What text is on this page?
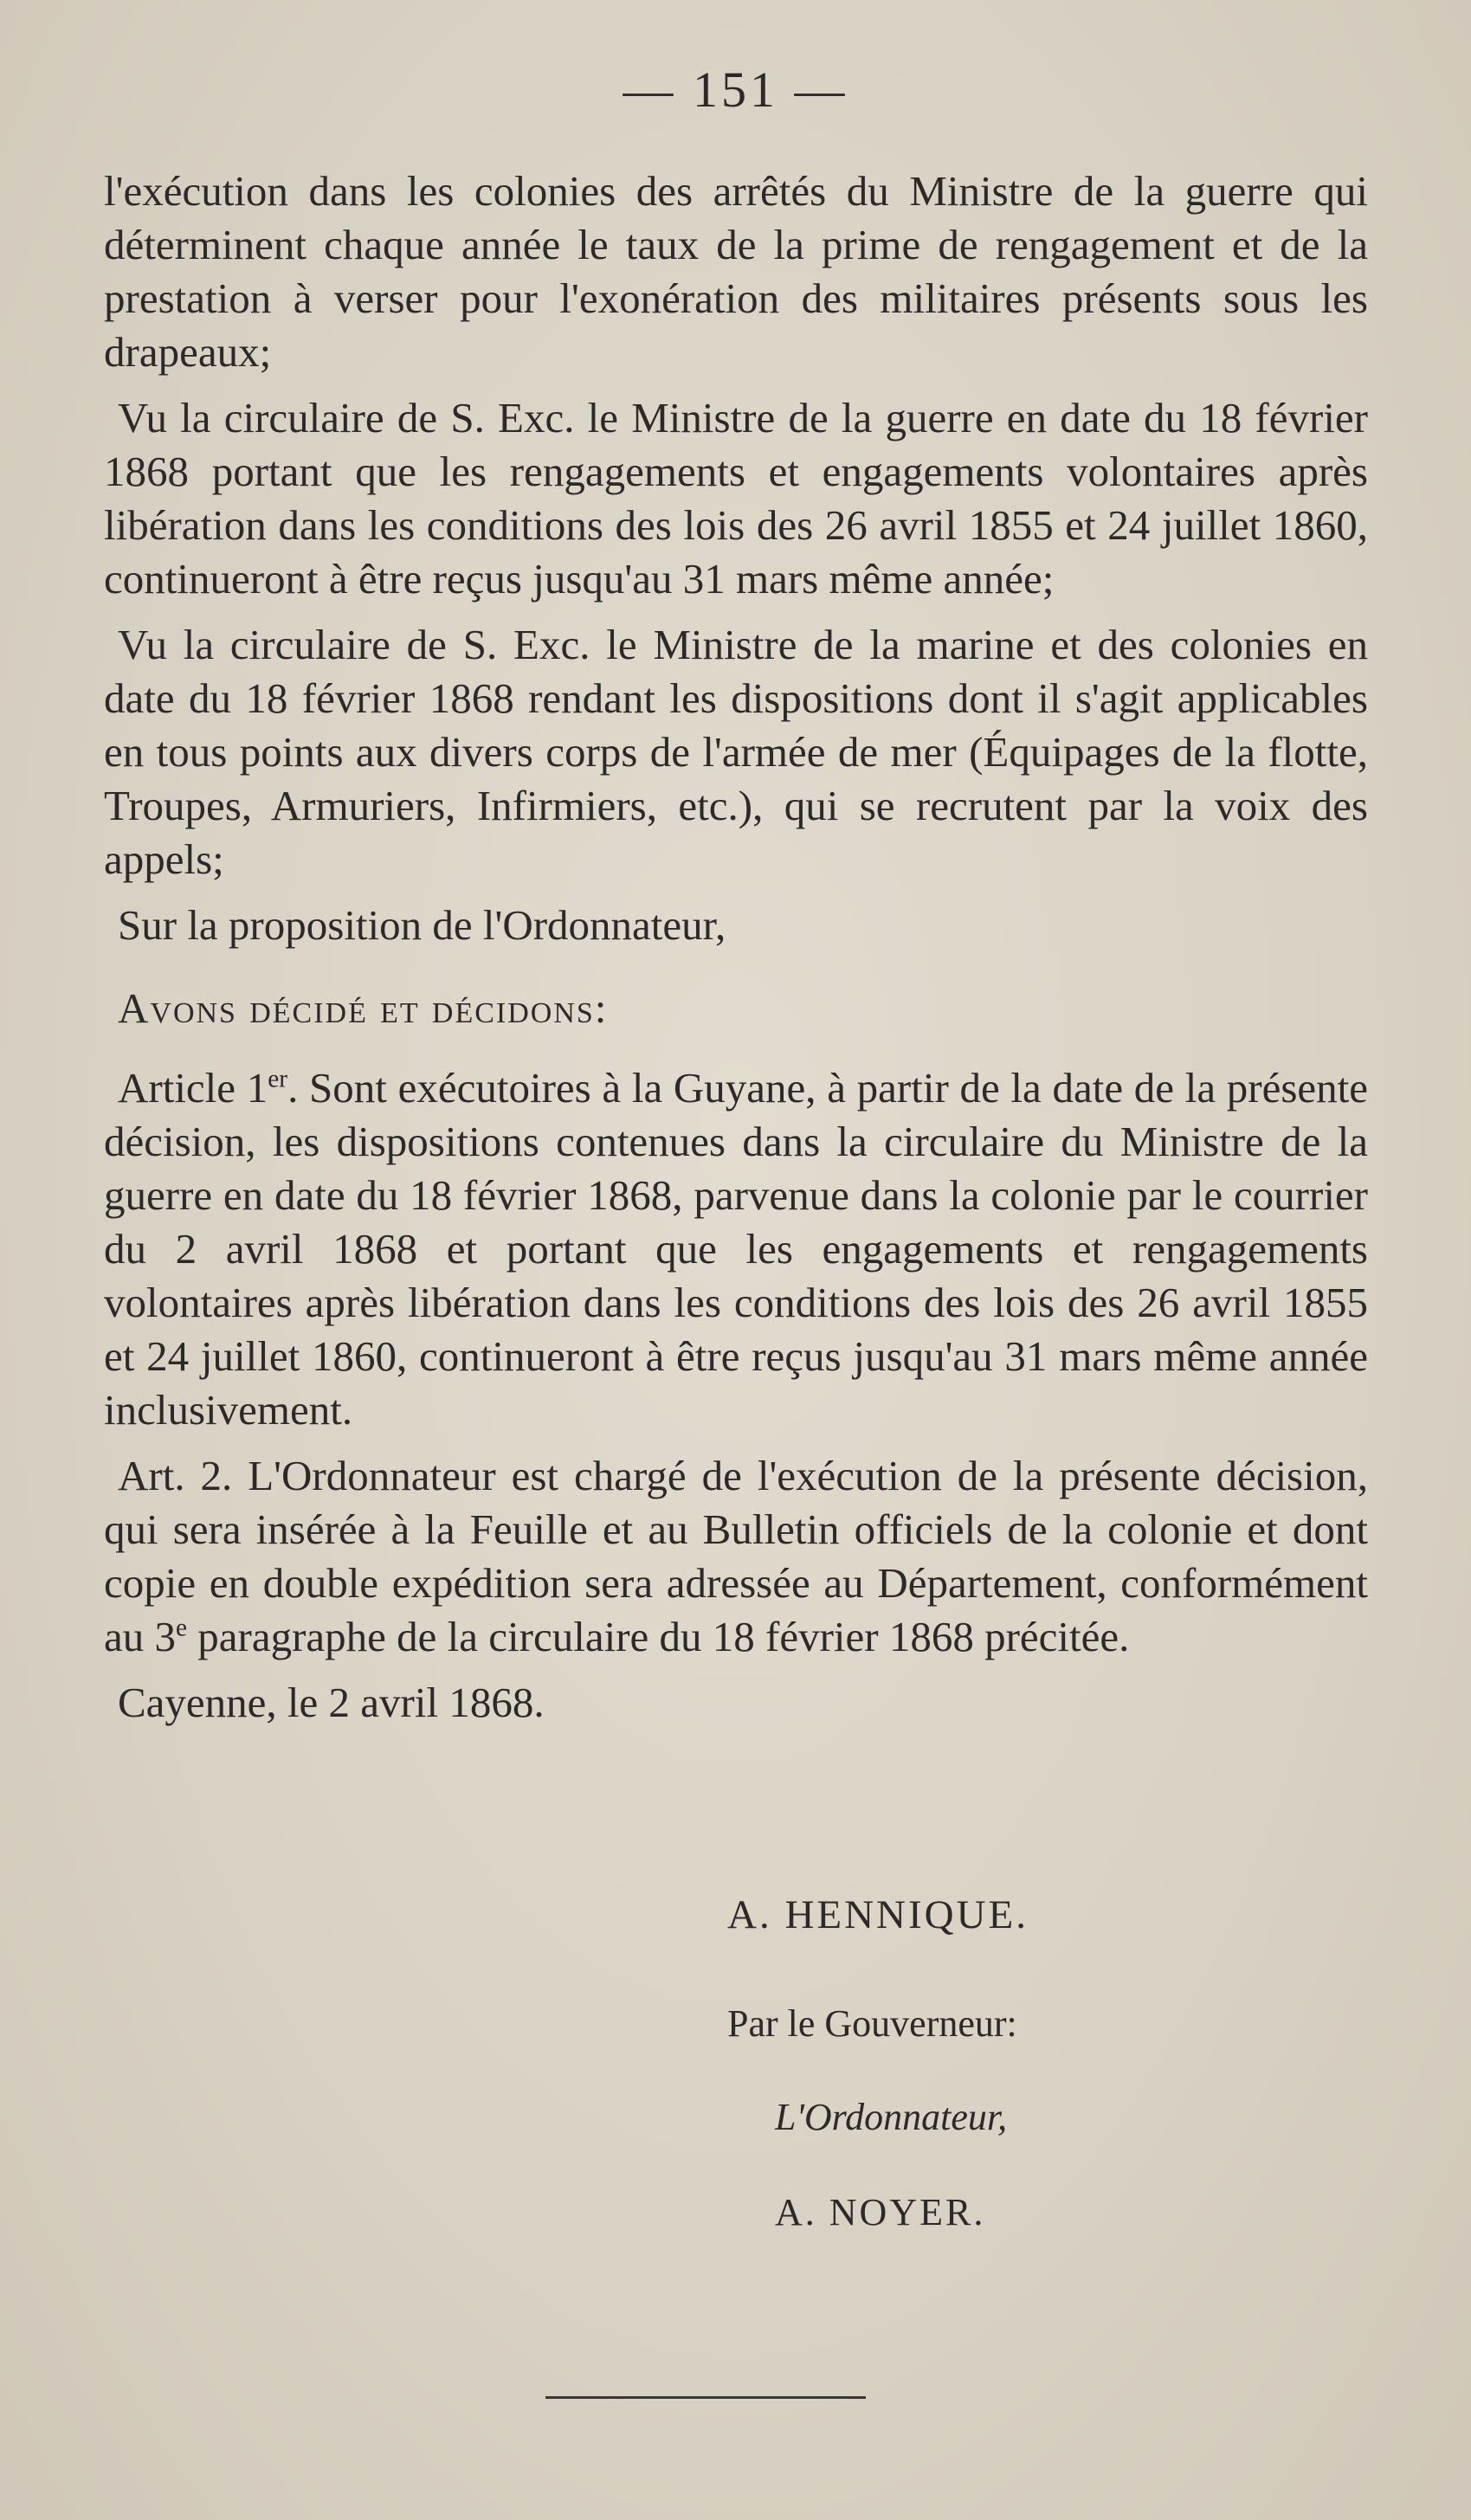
— 151 —

l'exécution dans les colonies des arrêtés du Ministre de la guerre qui déterminent chaque année le taux de la prime de rengagement et de la prestation à verser pour l'exonération des militaires présents sous les drapeaux;

Vu la circulaire de S. Exc. le Ministre de la guerre en date du 18 février 1868 portant que les rengagements et engagements volontaires après libération dans les conditions des lois des 26 avril 1855 et 24 juillet 1860, continueront à être reçus jusqu'au 31 mars même année;

Vu la circulaire de S. Exc. le Ministre de la marine et des colonies en date du 18 février 1868 rendant les dispositions dont il s'agit applicables en tous points aux divers corps de l'armée de mer (Équipages de la flotte, Troupes, Armuriers, Infirmiers, etc.), qui se recrutent par la voix des appels;

Sur la proposition de l'Ordonnateur,

Avons décidé et décidons:

Article 1er. Sont exécutoires à la Guyane, à partir de la date de la présente décision, les dispositions contenues dans la circulaire du Ministre de la guerre en date du 18 février 1868, parvenue dans la colonie par le courrier du 2 avril 1868 et portant que les engagements et rengagements volontaires après libération dans les conditions des lois des 26 avril 1855 et 24 juillet 1860, continueront à être reçus jusqu'au 31 mars même année inclusivement.

Art. 2. L'Ordonnateur est chargé de l'exécution de la présente décision, qui sera insérée à la Feuille et au Bulletin officiels de la colonie et dont copie en double expédition sera adressée au Département, conformément au 3e paragraphe de la circulaire du 18 février 1868 précitée.

Cayenne, le 2 avril 1868.

A. HENNIQUE.
Par le Gouverneur:
L'Ordonnateur,
A. NOYER.
